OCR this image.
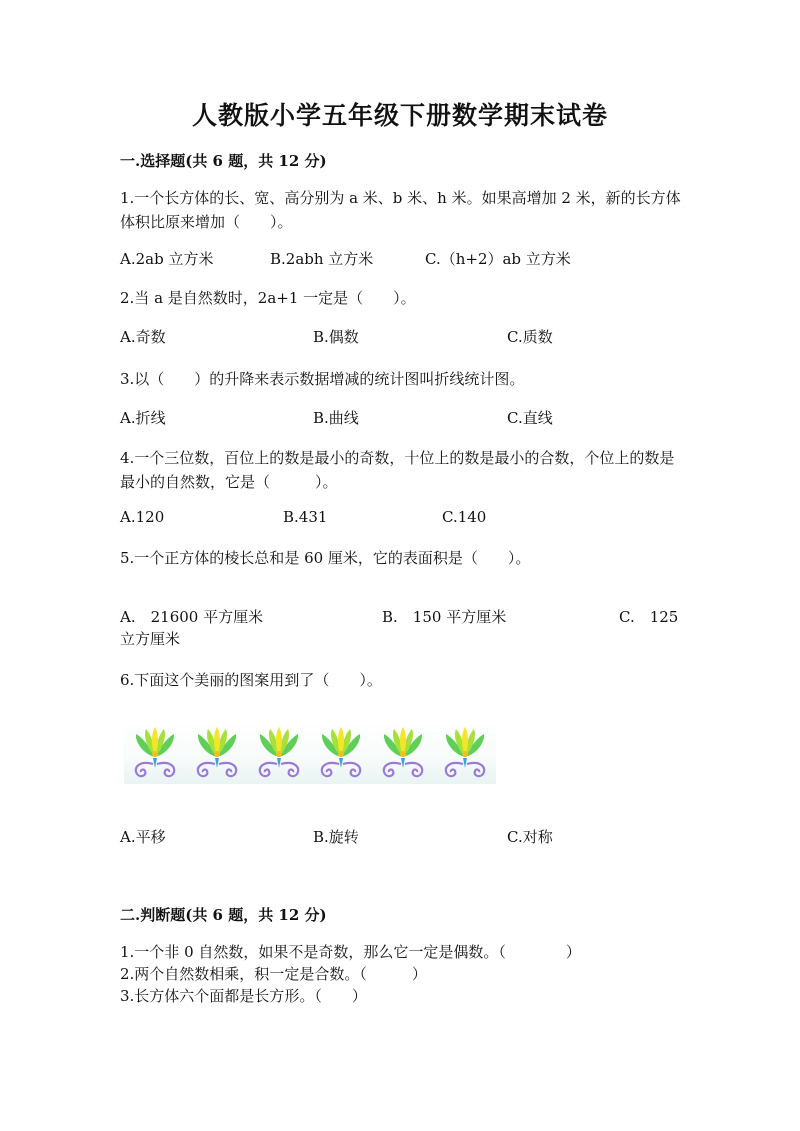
人教版小学五年级下册数学期末试卷
一.选择题(共 6 题，共 12 分)
1.一个长方体的长、宽、高分别为 a 米、b 米、h 米。如果高增加 2 米，新的长方体体积比原来增加（　　）。
A.2ab 立方米	B.2abh 立方米	C.（h+2）ab 立方米
2.当 a 是自然数时，2a+1 一定是（　　）。
A.奇数	B.偶数	C.质数
3.以（　　）的升降来表示数据增减的统计图叫折线统计图。
A.折线	B.曲线	C.直线
4.一个三位数，百位上的数是最小的奇数，十位上的数是最小的合数，个位上的数是最小的自然数，它是（　　　）。
A.120	B.431	C.140
5.一个正方体的棱长总和是 60 厘米，它的表面积是（　　）。
A.　21600 平方厘米	B.　150 平方厘米	C.　125
立方厘米
6.下面这个美丽的图案用到了（　　）。
A.平移	B.旋转	C.对称
二.判断题(共 6 题，共 12 分)
1.一个非 0 自然数，如果不是奇数，那么它一定是偶数。（　　　　）
2.两个自然数相乘，积一定是合数。（　　　）
3.长方体六个面都是长方形。（　　）
